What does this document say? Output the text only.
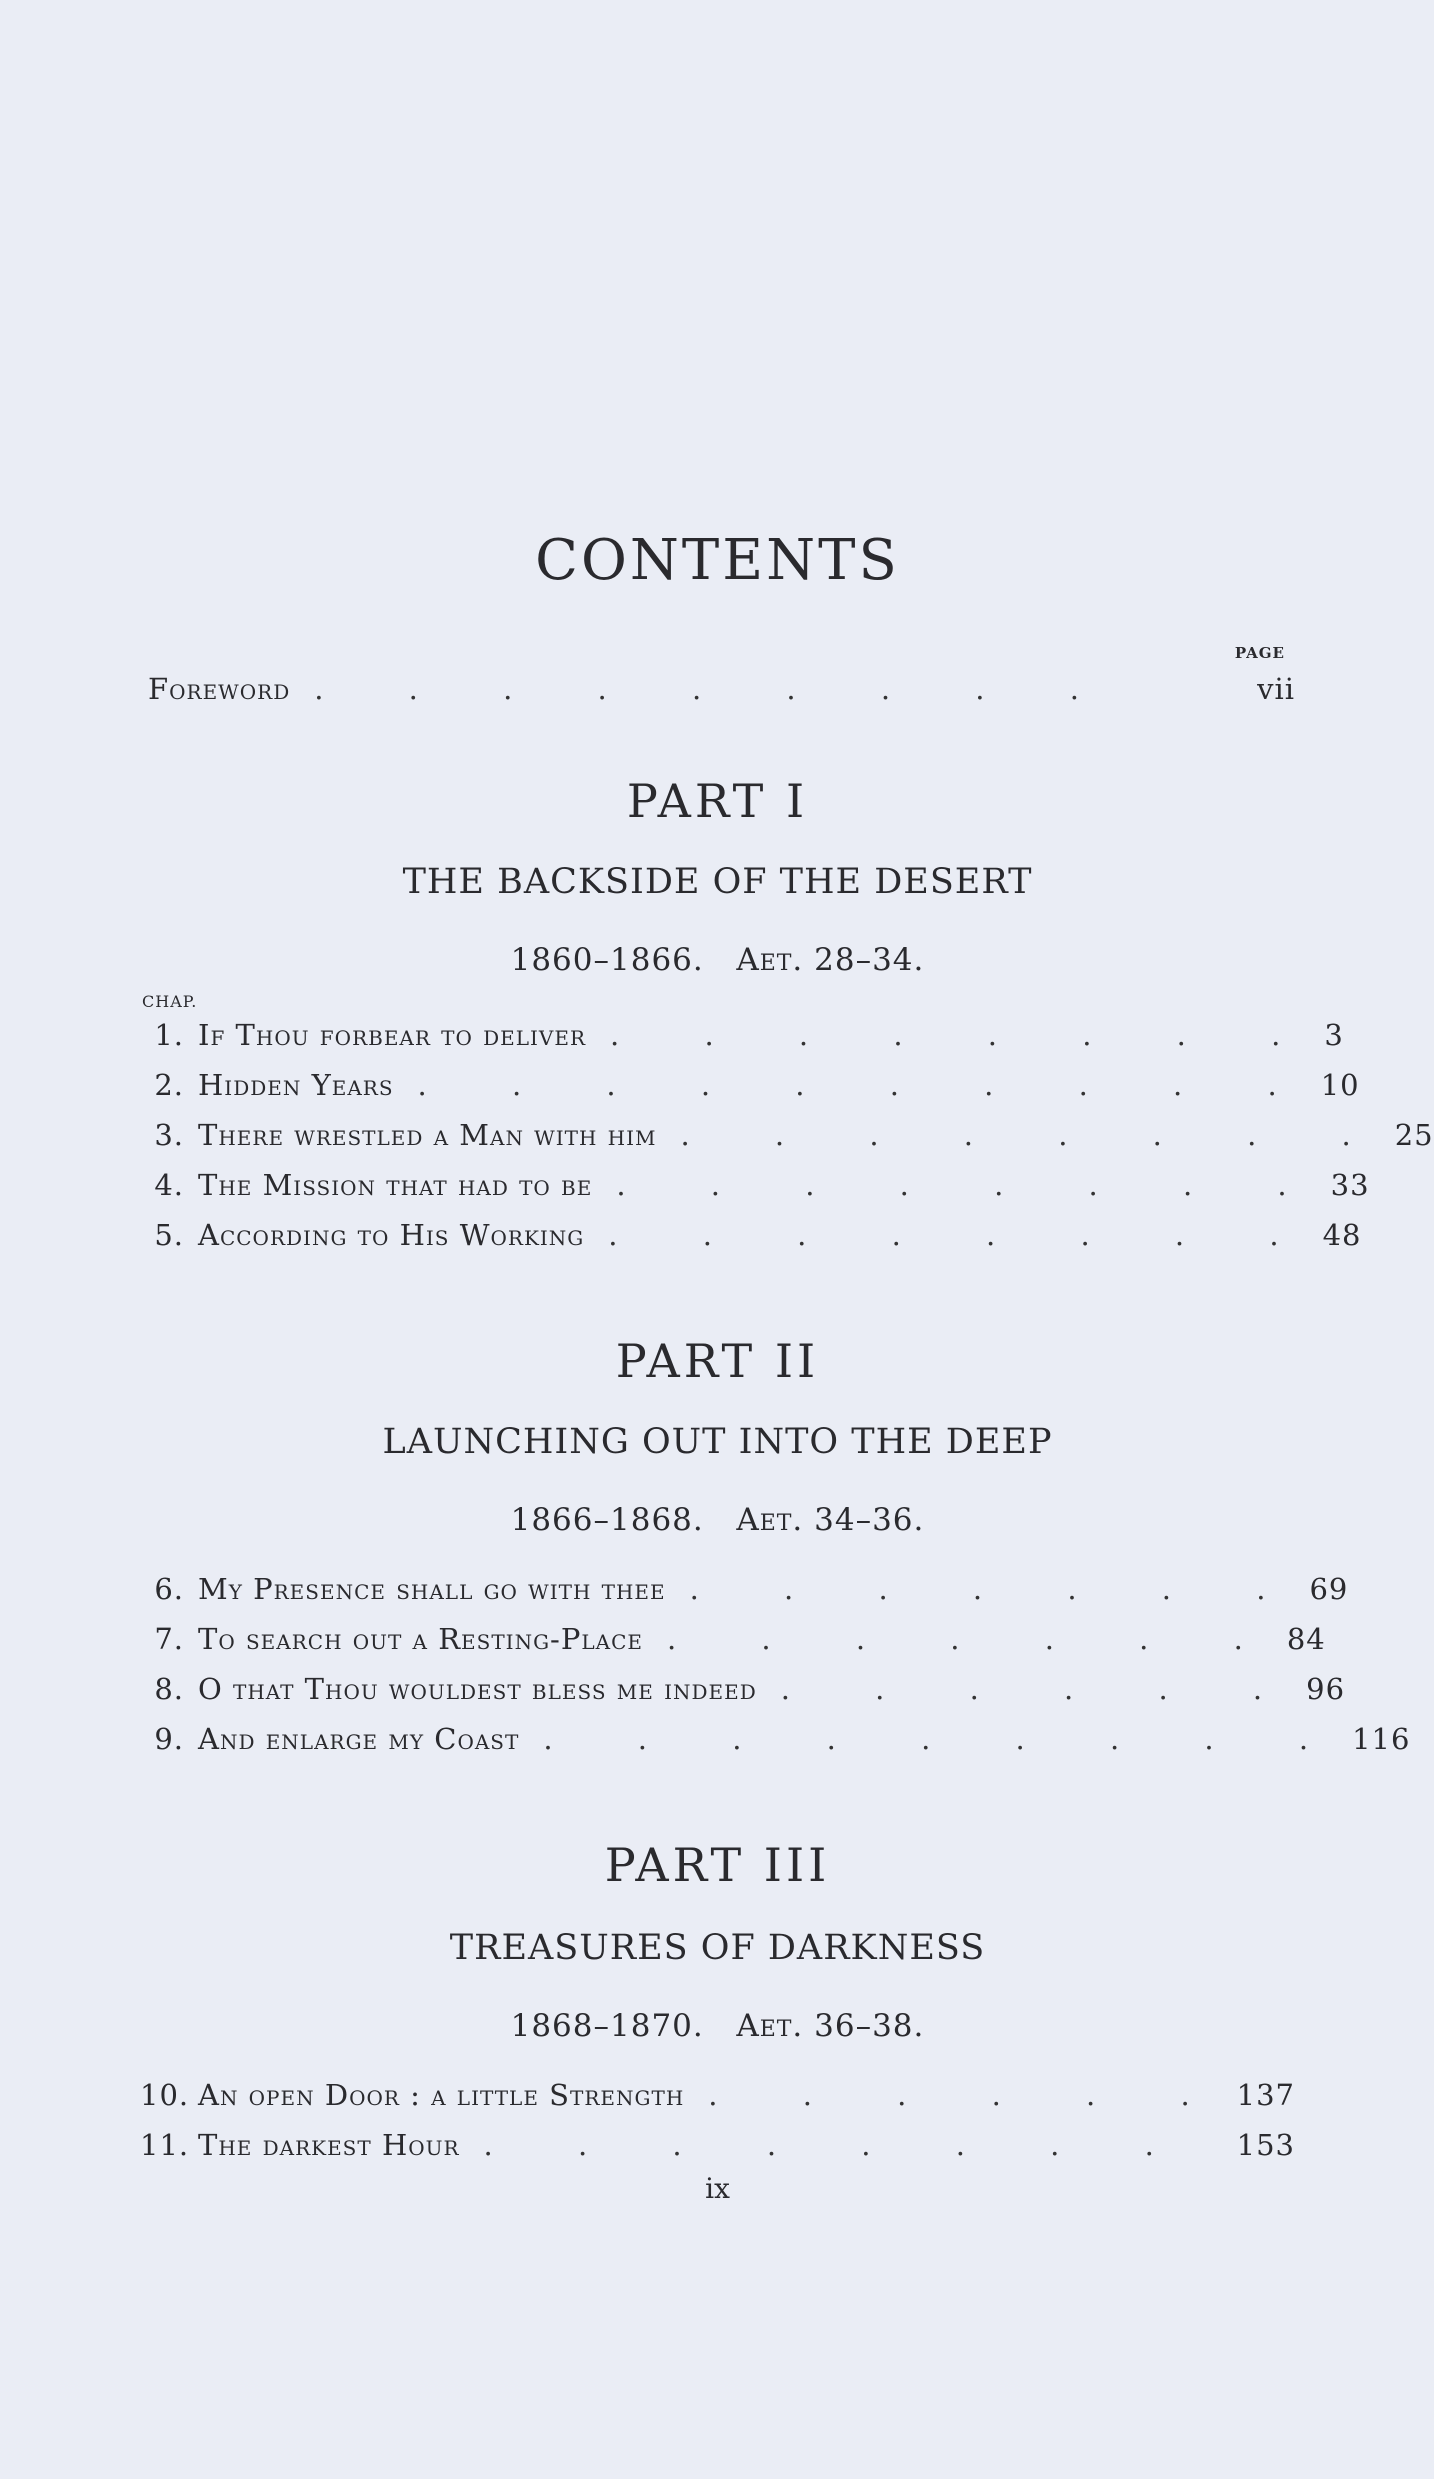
CONTENTS
PAGE
Foreword . . . . . . . . .	vii
PART I
THE BACKSIDE OF THE DESERT
1860–1866. Aet. 28–34.
CHAP.
1. If Thou forbear to deliver . . . . . . . . 3
2. Hidden Years . . . . . . . . . . 10
3. There wrestled a Man with him . . . . . . . . 25
4. The Mission that had to be . . . . . . . . 33
5. According to His Working . . . . . . . . 48
PART II
LAUNCHING OUT INTO THE DEEP
1866–1868. Aet. 34–36.
6. My Presence shall go with thee . . . . . . . 69
7. To search out a Resting-Place . . . . . . . 84
8. O that Thou wouldest bless me indeed . . . . . . 96
9. And enlarge my Coast . . . . . . . . . 116
PART III
TREASURES OF DARKNESS
1868–1870. Aet. 36–38.
10. An open Door : a little Strength . . . . . . 137
11. The darkest Hour . . . . . . . .	153
ix
